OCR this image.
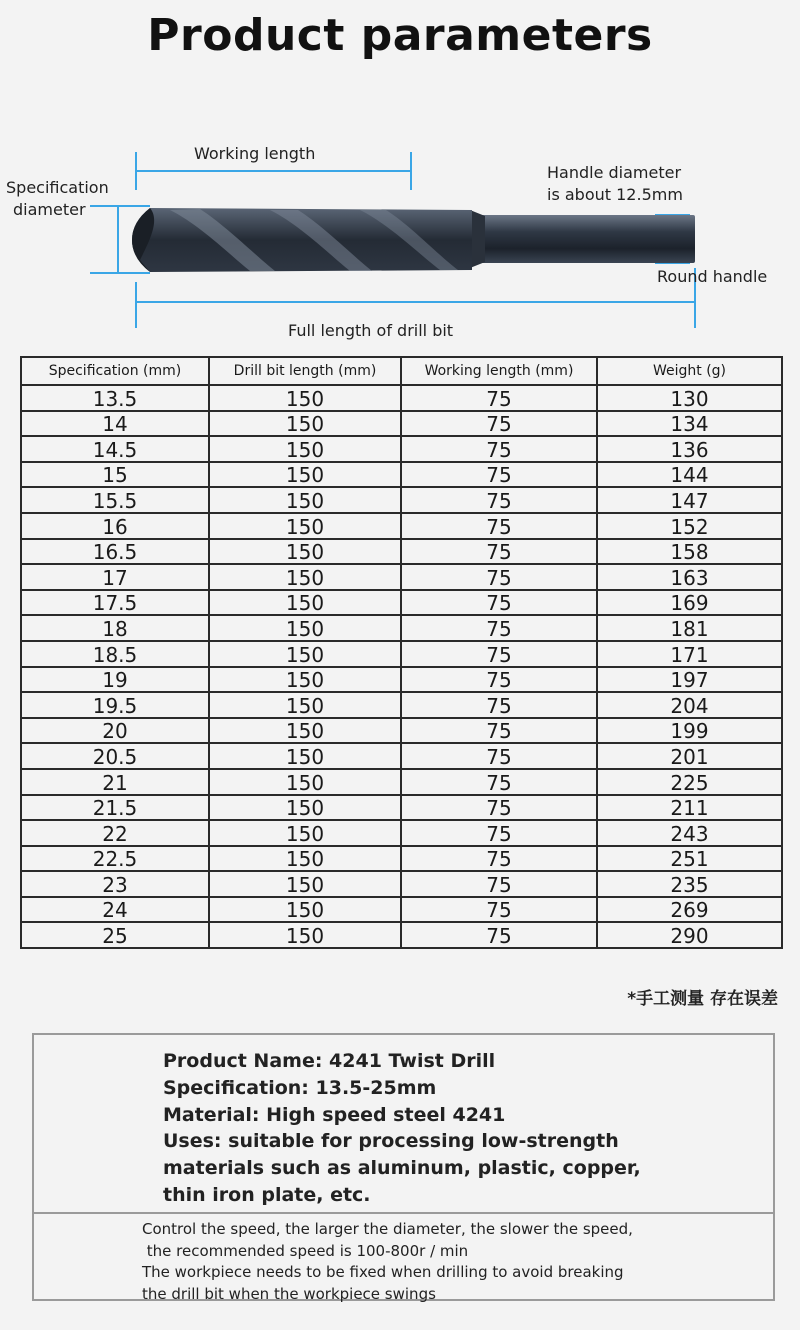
Product parameters
Working length
Specification
diameter
Handle diameter
is about 12.5mm
Round handle
Full length of drill bit
Specification (mm)	Drill bit length (mm)	Working length (mm)	Weight (g)
13.5	150	75	130
14	150	75	134
14.5	150	75	136
15	150	75	144
15.5	150	75	147
16	150	75	152
16.5	150	75	158
17	150	75	163
17.5	150	75	169
18	150	75	181
18.5	150	75	171
19	150	75	197
19.5	150	75	204
20	150	75	199
20.5	150	75	201
21	150	75	225
21.5	150	75	211
22	150	75	243
22.5	150	75	251
23	150	75	235
24	150	75	269
25	150	75	290
*手工测量 存在误差
Product Name: 4241 Twist Drill
Specification: 13.5-25mm
Material: High speed steel 4241
Uses: suitable for processing low-strength
materials such as aluminum, plastic, copper,
thin iron plate, etc.
Control the speed, the larger the diameter, the slower the speed,
the recommended speed is 100-800r / min
The workpiece needs to be fixed when drilling to avoid breaking
the drill bit when the workpiece swings
